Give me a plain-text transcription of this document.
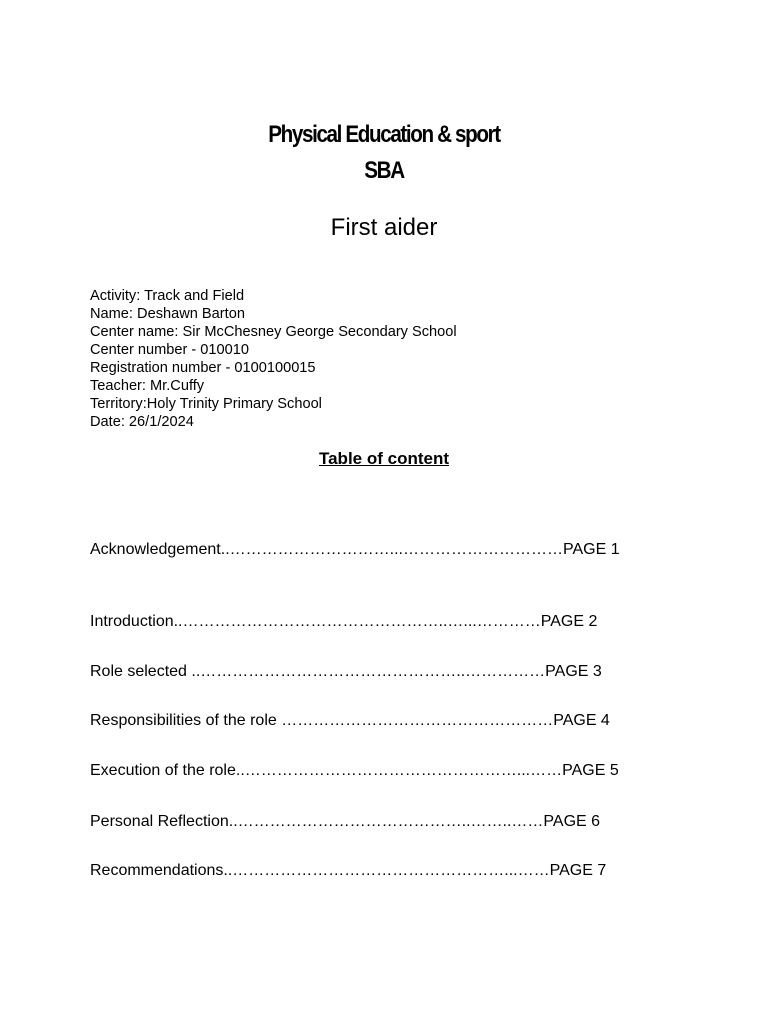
Physical Education & sport
SBA
First aider
Activity: Track and Field
Name: Deshawn Barton
Center name: Sir McChesney George Secondary School
Center number - 010010
Registration number - 0100100015
Teacher: Mr.Cuffy
Territory:Holy Trinity Primary School
Date: 26/1/2024
Table of content
Acknowledgement..…………………………...…………………………PAGE 1
Introduction..…………………………………………..…...…………PAGE 2
Role selected ..…………………………………………..……………PAGE 3
Responsibilities of the role ……………………………………………PAGE 4
Execution of the role..……………………………………………...……PAGE 5
Personal Reflection..……………………………………..……..……PAGE 6
Recommendations..……………………………………………...……PAGE 7
